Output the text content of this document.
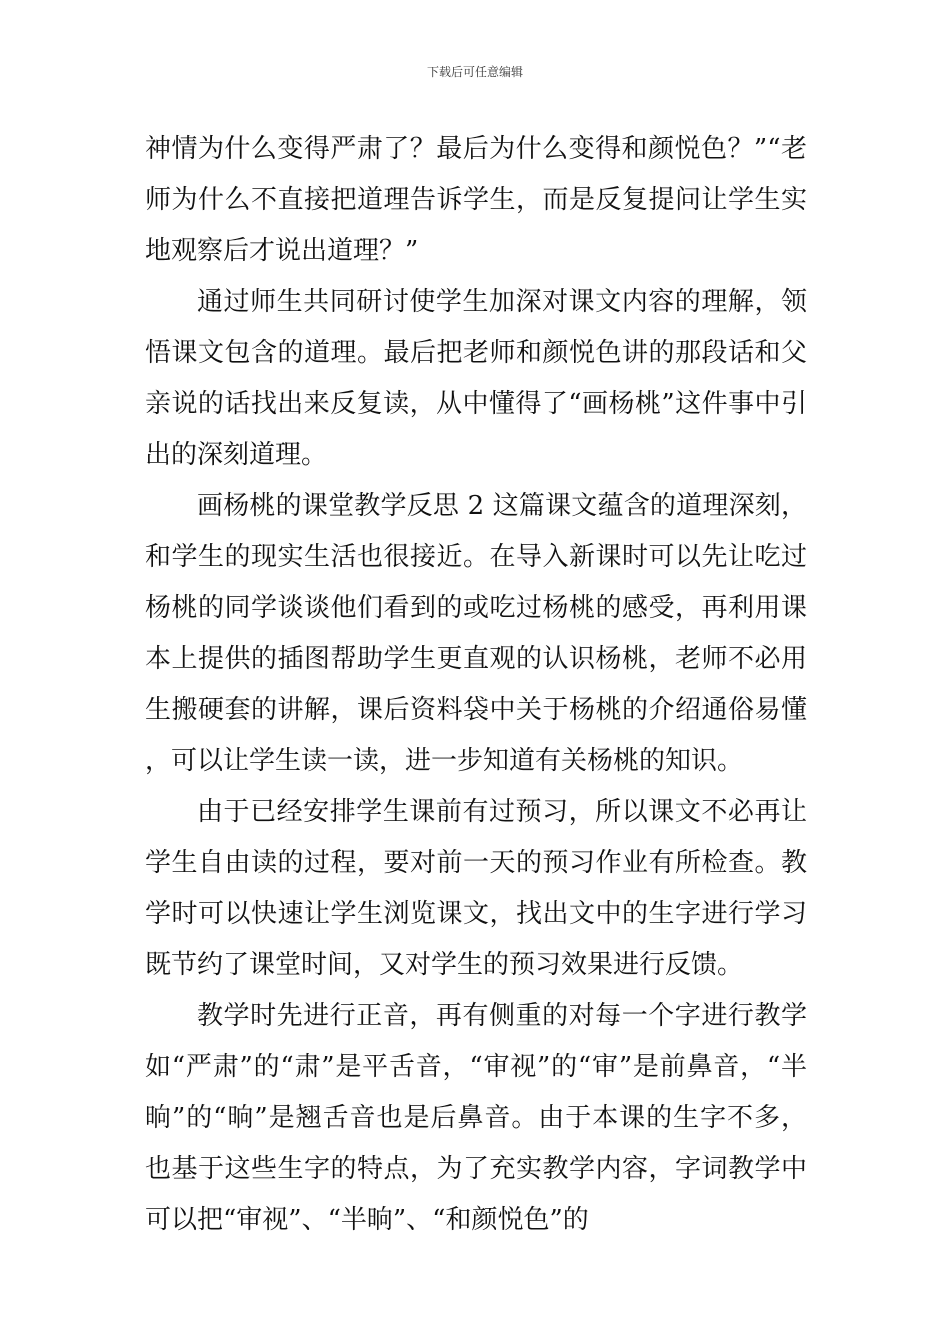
下载后可任意编辑

神情为什么变得严肃了？最后为什么变得和颜悦色？”“老师为什么不直接把道理告诉学生，而是反复提问让学生实地观察后才说出道理？”

通过师生共同研讨使学生加深对课文内容的理解，领悟课文包含的道理。最后把老师和颜悦色讲的那段话和父亲说的话找出来反复读，从中懂得了“画杨桃”这件事中引出的深刻道理。

画杨桃的课堂教学反思 2 这篇课文蕴含的道理深刻，和学生的现实生活也很接近。在导入新课时可以先让吃过杨桃的同学谈谈他们看到的或吃过杨桃的感受，再利用课本上提供的插图帮助学生更直观的认识杨桃，老师不必用生搬硬套的讲解，课后资料袋中关于杨桃的介绍通俗易懂，可以让学生读一读，进一步知道有关杨桃的知识。

由于已经安排学生课前有过预习，所以课文不必再让学生自由读的过程，要对前一天的预习作业有所检查。教学时可以快速让学生浏览课文，找出文中的生字进行学习既节约了课堂时间，又对学生的预习效果进行反馈。

教学时先进行正音，再有侧重的对每一个字进行教学如“严肃”的“肃”是平舌音，“审视”的“审”是前鼻音，“半晌”的“晌”是翘舌音也是后鼻音。由于本课的生字不多，也基于这些生字的特点，为了充实教学内容，字词教学中可以把“审视”、“半晌”、“和颜悦色”的
